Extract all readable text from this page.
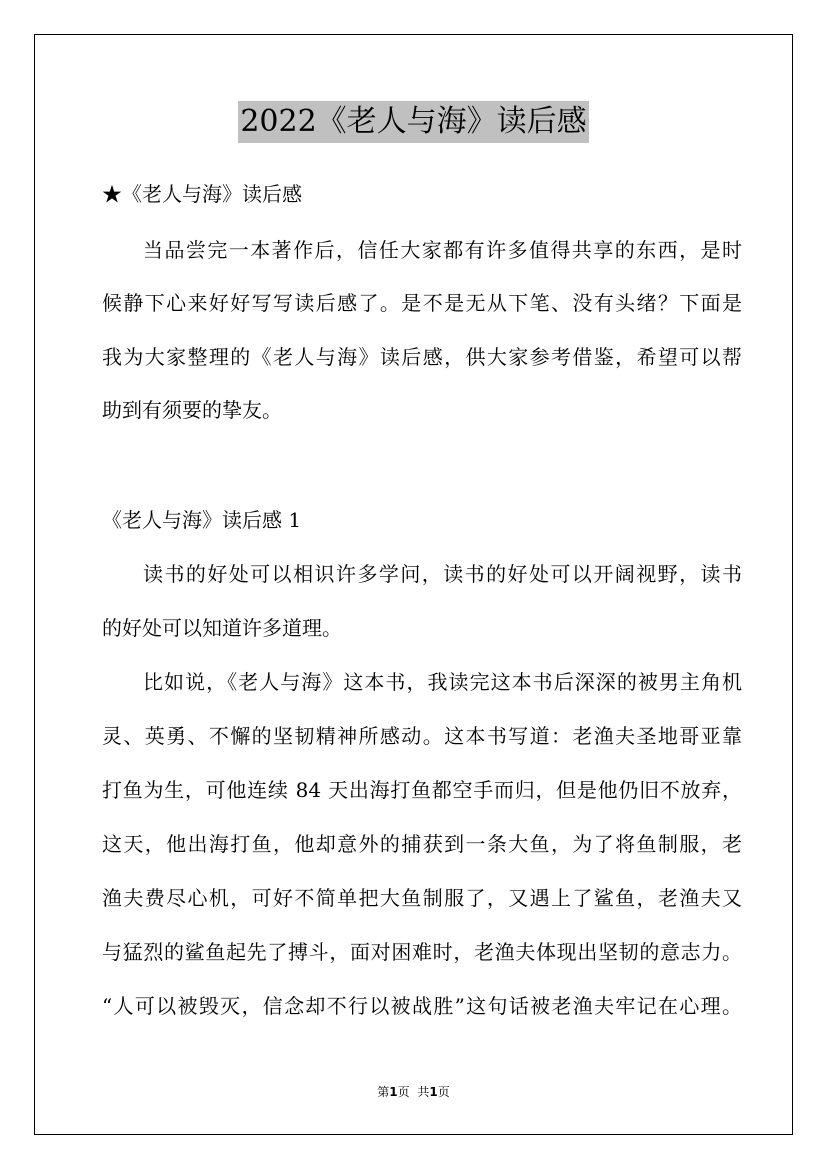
2022《老人与海》读后感
★《老人与海》读后感
当品尝完一本著作后，信任大家都有许多值得共享的东西，是时
候静下心来好好写写读后感了。是不是无从下笔、没有头绪？下面是
我为大家整理的《老人与海》读后感，供大家参考借鉴，希望可以帮
助到有须要的挚友。
《老人与海》读后感 1
读书的好处可以相识许多学问，读书的好处可以开阔视野，读书
的好处可以知道许多道理。
比如说，《老人与海》这本书，我读完这本书后深深的被男主角机
灵、英勇、不懈的坚韧精神所感动。这本书写道：老渔夫圣地哥亚靠
打鱼为生，可他连续 84 天出海打鱼都空手而归，但是他仍旧不放弃，
这天，他出海打鱼，他却意外的捕获到一条大鱼，为了将鱼制服，老
渔夫费尽心机，可好不简单把大鱼制服了，又遇上了鲨鱼，老渔夫又
与猛烈的鲨鱼起先了搏斗，面对困难时，老渔夫体现出坚韧的意志力。
“人可以被毁灭，信念却不行以被战胜”这句话被老渔夫牢记在心理。
第1页 共1页
